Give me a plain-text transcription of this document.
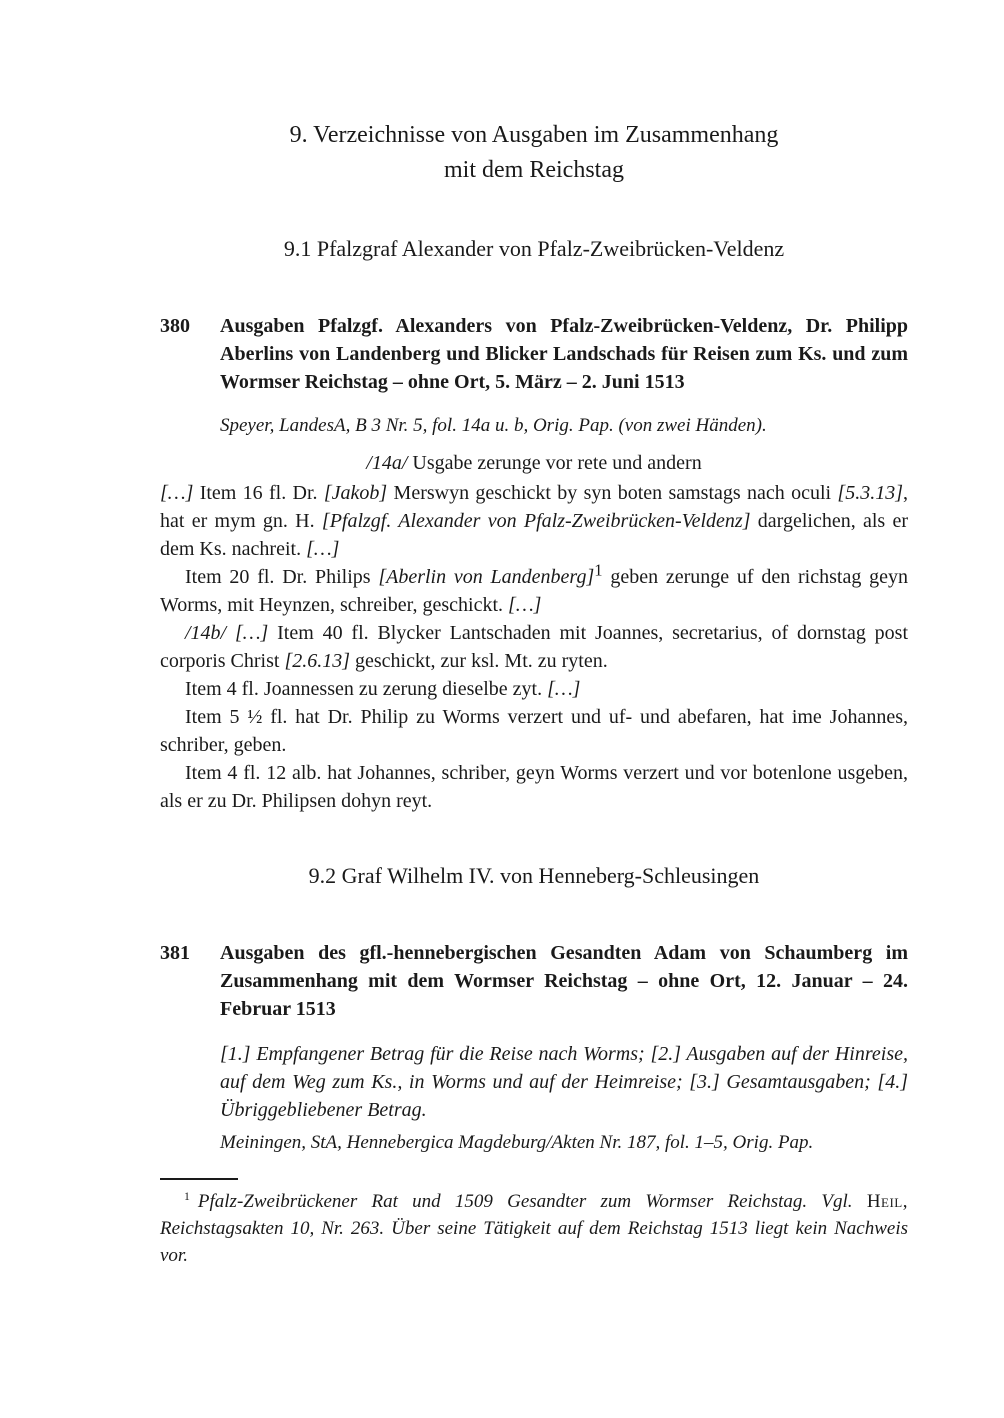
9. Verzeichnisse von Ausgaben im Zusammenhang
mit dem Reichstag
9.1 Pfalzgraf Alexander von Pfalz-Zweibrücken-Veldenz
380	Ausgaben Pfalzgf. Alexanders von Pfalz-Zweibrücken-Veldenz, Dr. Philipp Aberlins von Landenberg und Blicker Landschads für Reisen zum Ks. und zum Wormser Reichstag – ohne Ort, 5. März – 2. Juni 1513

Speyer, LandesA, B 3 Nr. 5, fol. 14a u. b, Orig. Pap. (von zwei Händen).

/14a/ Usgabe zerunge vor rete und andern

[…] Item 16 fl. Dr. [Jakob] Merswyn geschickt by syn boten samstags nach oculi [5.3.13], hat er mym gn. H. [Pfalzgf. Alexander von Pfalz-Zweibrücken-Veldenz] dargelichen, als er dem Ks. nachreit. […]

Item 20 fl. Dr. Philips [Aberlin von Landenberg]$^1$ geben zerunge uf den richstag geyn Worms, mit Heynzen, schreiber, geschickt. […]

/14b/ […] Item 40 fl. Blycker Lantschaden mit Joannes, secretarius, of dornstag post corporis Christ [2.6.13] geschickt, zur ksl. Mt. zu ryten.

Item 4 fl. Joannessen zu zerung dieselbe zyt. […]

Item 5 ½ fl. hat Dr. Philip zu Worms verzert und uf- und abefaren, hat ime Johannes, schriber, geben.

Item 4 fl. 12 alb. hat Johannes, schriber, geyn Worms verzert und vor botenlone usgeben, als er zu Dr. Philipsen dohyn reyt.

9.2 Graf Wilhelm IV. von Henneberg-Schleusingen
381	Ausgaben des gfl.-hennebergischen Gesandten Adam von Schaumberg im Zusammenhang mit dem Wormser Reichstag – ohne Ort, 12. Januar – 24. Februar 1513

[1.] Empfangener Betrag für die Reise nach Worms; [2.] Ausgaben auf der Hinreise, auf dem Weg zum Ks., in Worms und auf der Heimreise; [3.] Gesamtausgaben; [4.] Übriggebliebener Betrag.

Meiningen, StA, Hennebergica Magdeburg/Akten Nr. 187, fol. 1–5, Orig. Pap.

$^1$ Pfalz-Zweibrückener Rat und 1509 Gesandter zum Wormser Reichstag. Vgl. Heil, Reichstagsakten 10, Nr. 263. Über seine Tätigkeit auf dem Reichstag 1513 liegt kein Nachweis vor.
